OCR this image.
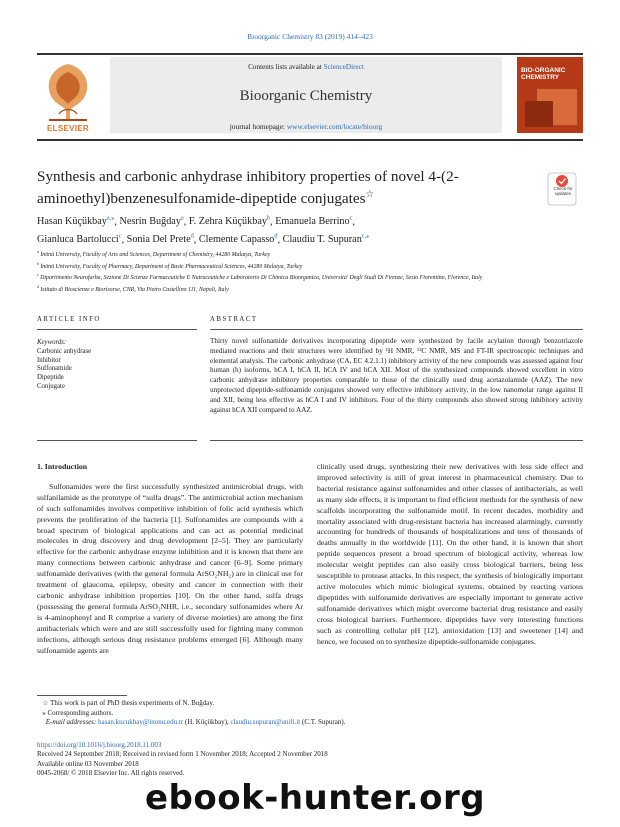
Bioorganic Chemistry 83 (2019) 414–423
ELSEVIER
Contents lists available at ScienceDirect
Bioorganic Chemistry
journal homepage: www.elsevier.com/locate/bioorg
BIO-ORGANIC CHEMISTRY
Synthesis and carbonic anhydrase inhibitory properties of novel 4-(2-aminoethyl)benzenesulfonamide-dipeptide conjugates☆
Check for updates
Hasan Küçükbay$^{a,⁎}$, Nesrin Buğday$^a$, F. Zehra Küçükbay$^b$, Emanuela Berrino$^c$,
Gianluca Bartolucci$^c$, Sonia Del Prete$^d$, Clemente Capasso$^d$, Claudiu T. Supuran$^{c,⁎}$
$^a$ İnönü University, Faculty of Arts and Sciences, Department of Chemistry, 44280 Malatya, Turkey
$^b$ İnönü University, Faculty of Pharmacy, Department of Basic Pharmaceutical Sciences, 44280 Malatya, Turkey
$^c$ Dipartimento Neurofarba, Sezione Di Scienze Farmaceutiche E Nutraceutiche e Laboratorio Di Chimica Bioorganica, Universita' Degli Studi Di Firenze, Sesto Fiorentino, Florence, Italy
$^d$ Istituto di Bioscienze e Biorisorse, CNR, Via Pietro Castellino 111, Napoli, Italy
ARTICLE INFO
Keywords:
Carbonic anhydrase
Inhibitor
Sulfonamide
Dipeptide
Conjugate
ABSTRACT
Thirty novel sulfonamide derivatives incorporating dipeptide were synthesized by facile acylation through benzotriazole mediated reactions and their structures were identified by ¹H NMR, ¹³C NMR, MS and FT-IR spectroscopic techniques and elemental analysis. The carbonic anhydrase (CA, EC 4.2.1.1) inhibitory activity of the new compounds was assessed against four human (h) isoforms, hCA I, hCA II, hCA IV and hCA XII. Most of the synthesized compounds showed excellent in vitro carbonic anhydrase inhibitory properties comparable to those of the clinically used drug acetazolamide (AAZ). The new unprotected dipeptide-sulfonamide conjugates showed very effective inhibitory activity, in the low nanomolar range against II and XII, being less effective as hCA I and IV inhibitors. Four of the thirty compounds also showed strong inhibitory activity against hCA XII compared to AAZ.
1. Introduction

Sulfonamides were the first successfully synthesized antimicrobial drugs, with sulfanilamide as the prototype of “sulfa drugs”. The antimicrobial action mechanism of such sulfonamides involves competitive inhibition of folic acid synthesis which prevents the proliferation of the bacteria [1]. Sulfonamides are compounds with a broad spectrum of biological applications and can act as potential medicinal molecules in drug discovery and drug development [2–5]. They are particularly effective for the carbonic anhydrase enzyme inhibition and it is known that there are many connections between carbonic anhydrase and cancer [6–9]. Some primary sulfonamide derivatives (with the general formula ArSO₂NH₂) are in clinical use for treatment of glaucoma, epilepsy, obesity and cancer in connection with their carbonic anhydrase inhibition properties [10]. On the other hand, sulfa drugs (possessing the general formula ArSO₂NHR, i.e., secondary sulfonamides where Ar is 4-aminophenyl and R comprise a variety of diverse moieties) are among the first antibacterials which were and are still successfully used for fighting many common infections, although serious drug resistance problems emerged [6]. Although many sulfonamide agents are

clinically used drugs, synthesizing their new derivatives with less side effect and improved selectivity is still of great interest in pharmaceutical chemistry. Due to bacterial resistance against sulfonamides and other classes of antibacterials, as well as many side effects, it is important to find efficient methods for the synthesis of new scaffolds incorporating the sulfonamide motif. In recent decades, morbidity and mortality associated with drug-resistant bacteria has increased alarmingly, currently accounting for hundreds of thousands of hospitalizations and tens of thousands of deaths annually in the worldwide [11]. On the other hand, it is known that short peptide sequences present a broad spectrum of biological activity, whereas low molecular weight peptides can also easily cross biological barriers, being less susceptible to protease attacks. In this respect, the synthesis of biologically important active molecules which mimic biological systems, obtained by reacting various dipeptides with sulfonamide derivatives are especially important to generate active sulfonamide derivatives which might overcome bacterial drug resistance and easily cross biological barriers. Furthermore, dipeptides have very interesting functions such as controlling cellular pH [12], antioxidation [13] and sweetener [14] and hence, we focused on to synthesize dipeptide-sulfonamide conjugates.

☆ This work is part of PhD thesis experiments of N. Buğday.
⁎ Corresponding authors.
E-mail addresses: hasan.kucukbay@inonu.edu.tr (H. Küçükbay), claudiu.supuran@unifi.it (C.T. Supuran).
https://doi.org/10.1016/j.bioorg.2018.11.003
Received 24 September 2018; Received in revised form 1 November 2018; Accepted 2 November 2018
Available online 03 November 2018
0045-2068/ © 2018 Elsevier Inc. All rights reserved.
ebook-hunter.org
